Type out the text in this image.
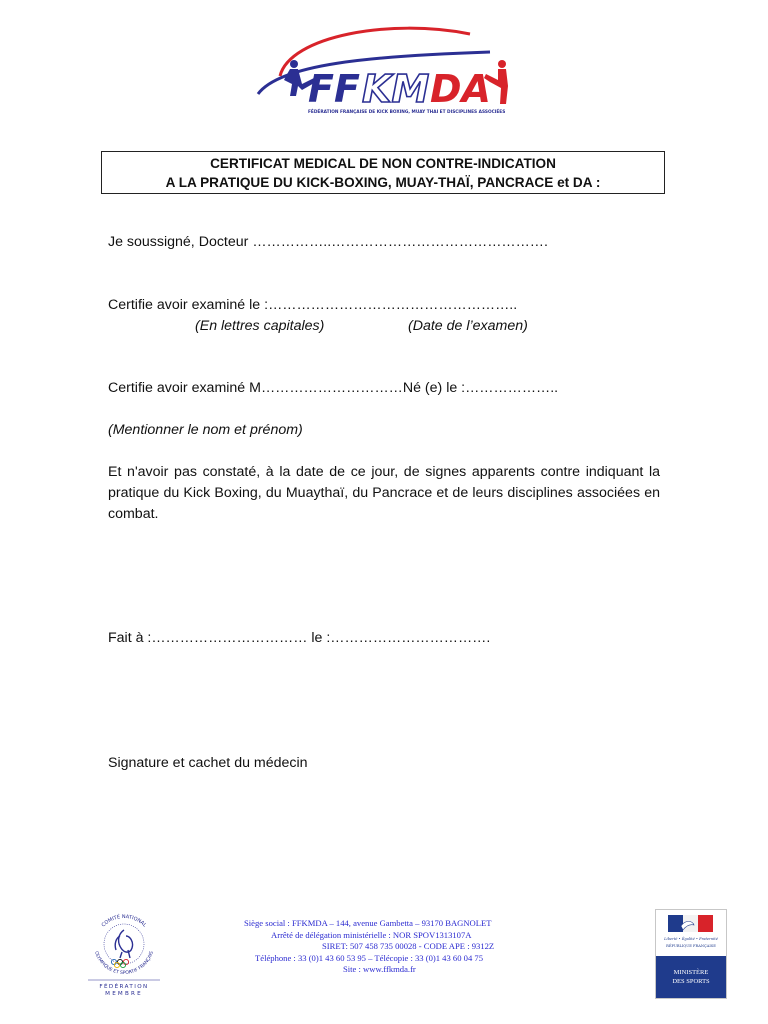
FF KM DA
FÉDÉRATION FRANÇAISE DE KICK BOXING, MUAY THAI ET DISCIPLINES ASSOCIÉES
CERTIFICAT MEDICAL DE NON CONTRE-INDICATION
A LA PRATIQUE DU KICK-BOXING, MUAY-THAÏ, PANCRACE et DA :
Je soussigné, Docteur ……………..……………………………………….
Certifie avoir examiné le :……………………………………………..
(En lettres capitales)	(Date de l’examen)
Certifie avoir examiné M…………………………Né (e) le :………………..
(Mentionner le nom et prénom)
Et n'avoir pas constaté, à la date de ce jour, de signes apparents contre indiquant la pratique du Kick Boxing, du Muaythaï, du Pancrace et de leurs disciplines associées en combat.
Fait à :…………………………… le :…………………………….
Signature et cachet du médecin
COMITÉ NATIONAL
OLYMPIQUE ET SPORTIF FRANÇAIS
FÉDÉRATION
MEMBRE
Siège social : FFKMDA – 144, avenue Gambetta – 93170 BAGNOLET
Arrêté de délégation ministérielle : NOR SPOV1313107A
SIRET: 507 458 735 00028 - CODE APE : 9312Z
Téléphone : 33 (0)1 43 60 53 95 – Télécopie : 33 (0)1 43 60 04 75
Site : www.ffkmda.fr
Liberté • Égalité • Fraternité
RÉPUBLIQUE FRANÇAISE
MINISTÈRE
DES SPORTS
